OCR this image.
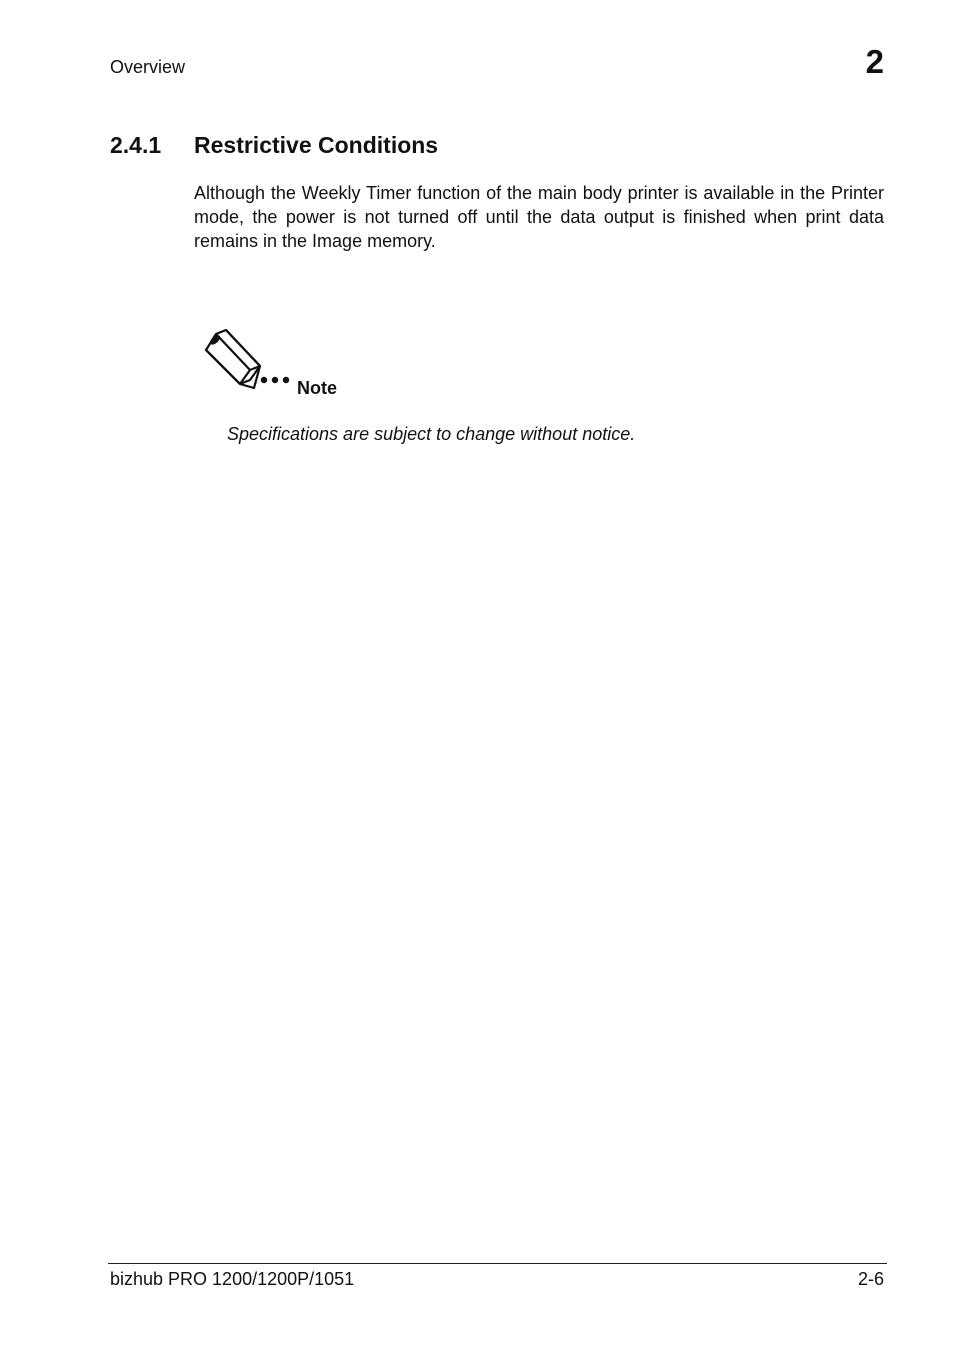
Overview	2
2.4.1 Restrictive Conditions

Although the Weekly Timer function of the main body printer is available in the Printer mode, the power is not turned off until the data output is finished when print data remains in the Image memory.

Note
Specifications are subject to change without notice.
bizhub PRO 1200/1200P/1051	2-6
